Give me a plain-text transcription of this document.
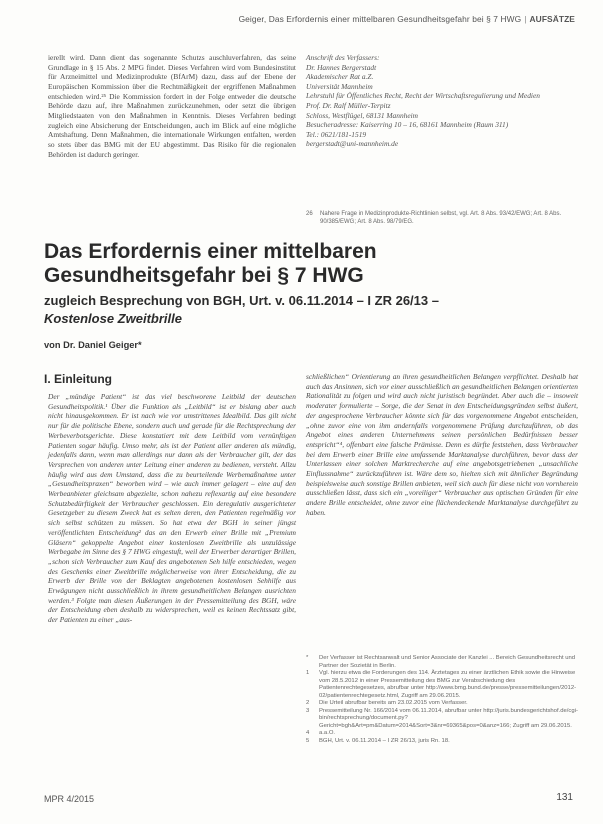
Geiger, Das Erfordernis einer mittelbaren Gesundheitsgefahr bei § 7 HWG | AUFSÄTZE

ierellt wird. Dann dient das sogenannte Schutzs auschluverfahren, das seine Grundlage in § 15 Abs. 2 MPG findet. Dieses Verfahren wird vom Bundesinstitut für Arzneimittel und Medizinprodukte (BfArM) dazu, dass auf der Ebene der Europäischen Kommission über die Rechtmäßigkeit der ergriffenen Maßnahmen entschieden wird.²⁵ Die Kommission fordert in der Folge entweder die deutsche Behörde dazu auf, ihre Maßnahmen zurückzunehmen, oder setzt die übrigen Mitgliedstaaten von den Maßnahmen in Kenntnis. Dieses Verfahren bedingt zugleich eine Absicherung der Entscheidungen, auch im Blick auf eine mögliche Amtshaftung. Denn Maßnahmen, die internationale Wirkungen entfalten, werden so stets über das BMG mit der EU abgestimmt. Das Risiko für die regionalen Behörden ist dadurch geringer.

Anschrift des Verfassers:
Dr. Hannes Bergerstadt
Akademischer Rat a.Z.
Universität Mannheim
Lehrstuhl für Öffentliches Recht, Recht der Wirtschaftsregulierung und Medien
Prof. Dr. Ralf Müller-Terpitz
Schloss, Westflügel, 68131 Mannheim
Besucheradresse: Kaiserring 10 – 16, 68161 Mannheim (Raum 311)
Tel.: 0621/181-1519
bergerstadt@uni-mannheim.de
26 Nahere Frage in Medizinprodukte-Richtlinien selbst, vgl. Art. 8 Abs. 93/42/EWG; Art. 8 Abs. 90/385/EWG; Art. 8 Abs. 98/79/EG.
Das Erfordernis einer mittelbaren Gesundheitsgefahr bei § 7 HWG
zugleich Besprechung von BGH, Urt. v. 06.11.2014 – I ZR 26/13 –
Kostenlose Zweitbrille
von Dr. Daniel Geiger*
I. Einleitung

Der „mündige Patient“ ist das viel beschworene Leitbild der deutschen Gesundheitspolitik.¹ Über die Funktion als „Leitbild“ ist er bislang aber auch nicht hinausgekommen. Er ist nach wie vor umstrittenes Idealbild. Das gilt nicht nur für die politische Ebene, sondern auch und gerade für die Rechtsprechung der Werbeverbotsgerichte. Diese konstatiert mit dem Leitbild vom vernünftigen Patienten sogar häufig. Umso mehr, als ist der Patient aller anderen als mündig, jedenfalls dann, wenn man allerdings nur dann als der Verbraucher gilt, der das Versprechen von anderen unter Leitung einer anderen zu bedienen, versteht. Allzu häufig wird aus dem Umstand, dass die zu beurteilende Werbemaßnahme unter „Gesundheitspraxen“ beworben wird – wie auch immer gelagert – eine auf den Werbeanbieter gleichsam abgezielte, schon nahezu reflexartig auf eine besondere Schutzbedürftigkeit der Verbraucher geschlossen. Ein deregulativ ausgerichteter Gesetzgeber zu diesem Zweck hat es selten deren, den Patienten regelmäßig vor sich selbst schützen zu müssen. So hat etwa der BGH in seiner jüngst veröffentlichten Entscheidung² das an den Erwerb einer Brille mit „Premium Gläsern“ gekoppelte Angebot einer kostenlosen Zweitbrille als unzulässige Werbegabe im Sinne des § 7 HWG eingestuft, weil der Erwerber derartiger Brillen, „schon sich Verbraucher zum Kauf des angebotenen Seh hilfe entschieden, wegen des Geschenks einer Zweitbrille möglicherweise von ihrer Entscheidung, die zu Erwerb der Brille von der Beklagten angebotenen kostenlosen Sehhilfe aus Erwägungen nicht ausschließlich in ihrem gesundheitlichen Belangen ausrichten werden.³ Folgte man diesen Äußerungen in der Pressemitteilung des BGH, wäre der Entscheidung eben deshalb zu widersprechen, weil es keinen Rechtssatz gibt, der Patienten zu einer „aus-

schließlichen“ Orientierung an ihren gesundheitlichen Belangen verpflichtet. Deshalb hat auch das Ansinnen, sich vor einer ausschließlich an gesundheitlichen Belangen orientierten Rationalität zu folgen und wird auch nicht juristisch begründet. Aber auch die – insoweit moderater formulierte – Sorge, die der Senat in den Entscheidungsgründen selbst äußert, der angesprochene Verbraucher könnte sich für das vorgenommene Angebot entscheiden, „ohne zuvor eine von ihm andernfalls vorgenommene Prüfung durchzuführen, ob das Angebot eines anderen Unternehmens seinen persönlichen Bedürfnissen besser entspricht“⁴, offenbart eine falsche Prämisse. Denn es dürfte feststehen, dass Verbraucher bei dem Erwerb einer Brille eine umfassende Marktanalyse durchführen, bevor dass der Unterlassen einer solchen Marktrecherche auf eine angebotsgetriebenen „unsachliche Einflussnahme“ zurückzuführen ist. Wäre dem so, hielten sich mit ähnlicher Begründung beispielsweise auch sonstige Brillen anbieten, weil sich auch für diese nicht von vornherein ausschließen lässt, dass sich ein „voreiliger“ Verbraucher aus optischen Gründen für eine andere Brille entscheidet, ohne zuvor eine flächendeckende Marktanalyse durchgeführt zu haben.

* Der Verfasser ist Rechtsanwalt und Senior Associate der Kanzlei ... Bereich Gesundheitsrecht und Partner der Sozietät in Berlin.
1 Vgl. hierzu etwa die Forderungen des 114. Ärztetages zu einer ärztlichen Ethik sowie die Hinweise vom 28.5.2012 in einer Pressemitteilung des BMG zur Verabschiedung des Patientenrechtegesetzes, abrufbar unter http://www.bmg.bund.de/presse/pressemitteilungen/2012-02/patientenrechtegesetz.html, Zugriff am 29.06.2015.
2 Die Urteil abrufbar bereits am 23.02.2015 vom Verfasser.
3 Pressemitteilung Nr. 166/2014 vom 06.11.2014, abrufbar unter http://juris.bundesgerichtshof.de/cgi-bin/rechtsprechung/document.py?Gericht=bgh&Art=pm&Datum=2014&Sort=3&nr=69365&pos=0&anz=166; Zugriff am 29.06.2015.
4 a.a.O.
5 BGH, Urt. v. 06.11.2014 – I ZR 26/13, juris Rn. 18.
MPR 4/2015	131
